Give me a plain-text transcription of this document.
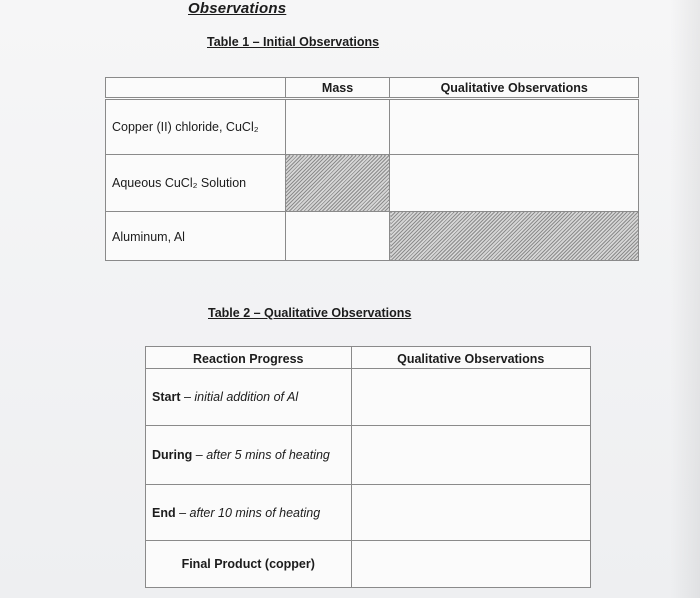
Observations
Table 1 – Initial Observations
	Mass	Qualitative Observations
Copper (II) chloride, CuCl₂		
Aqueous CuCl₂ Solution		
Aluminum, Al		
Table 2 – Qualitative Observations
Reaction Progress	Qualitative Observations
Start – initial addition of Al	
During – after 5 mins of heating	
End – after 10 mins of heating	
Final Product (copper)	
